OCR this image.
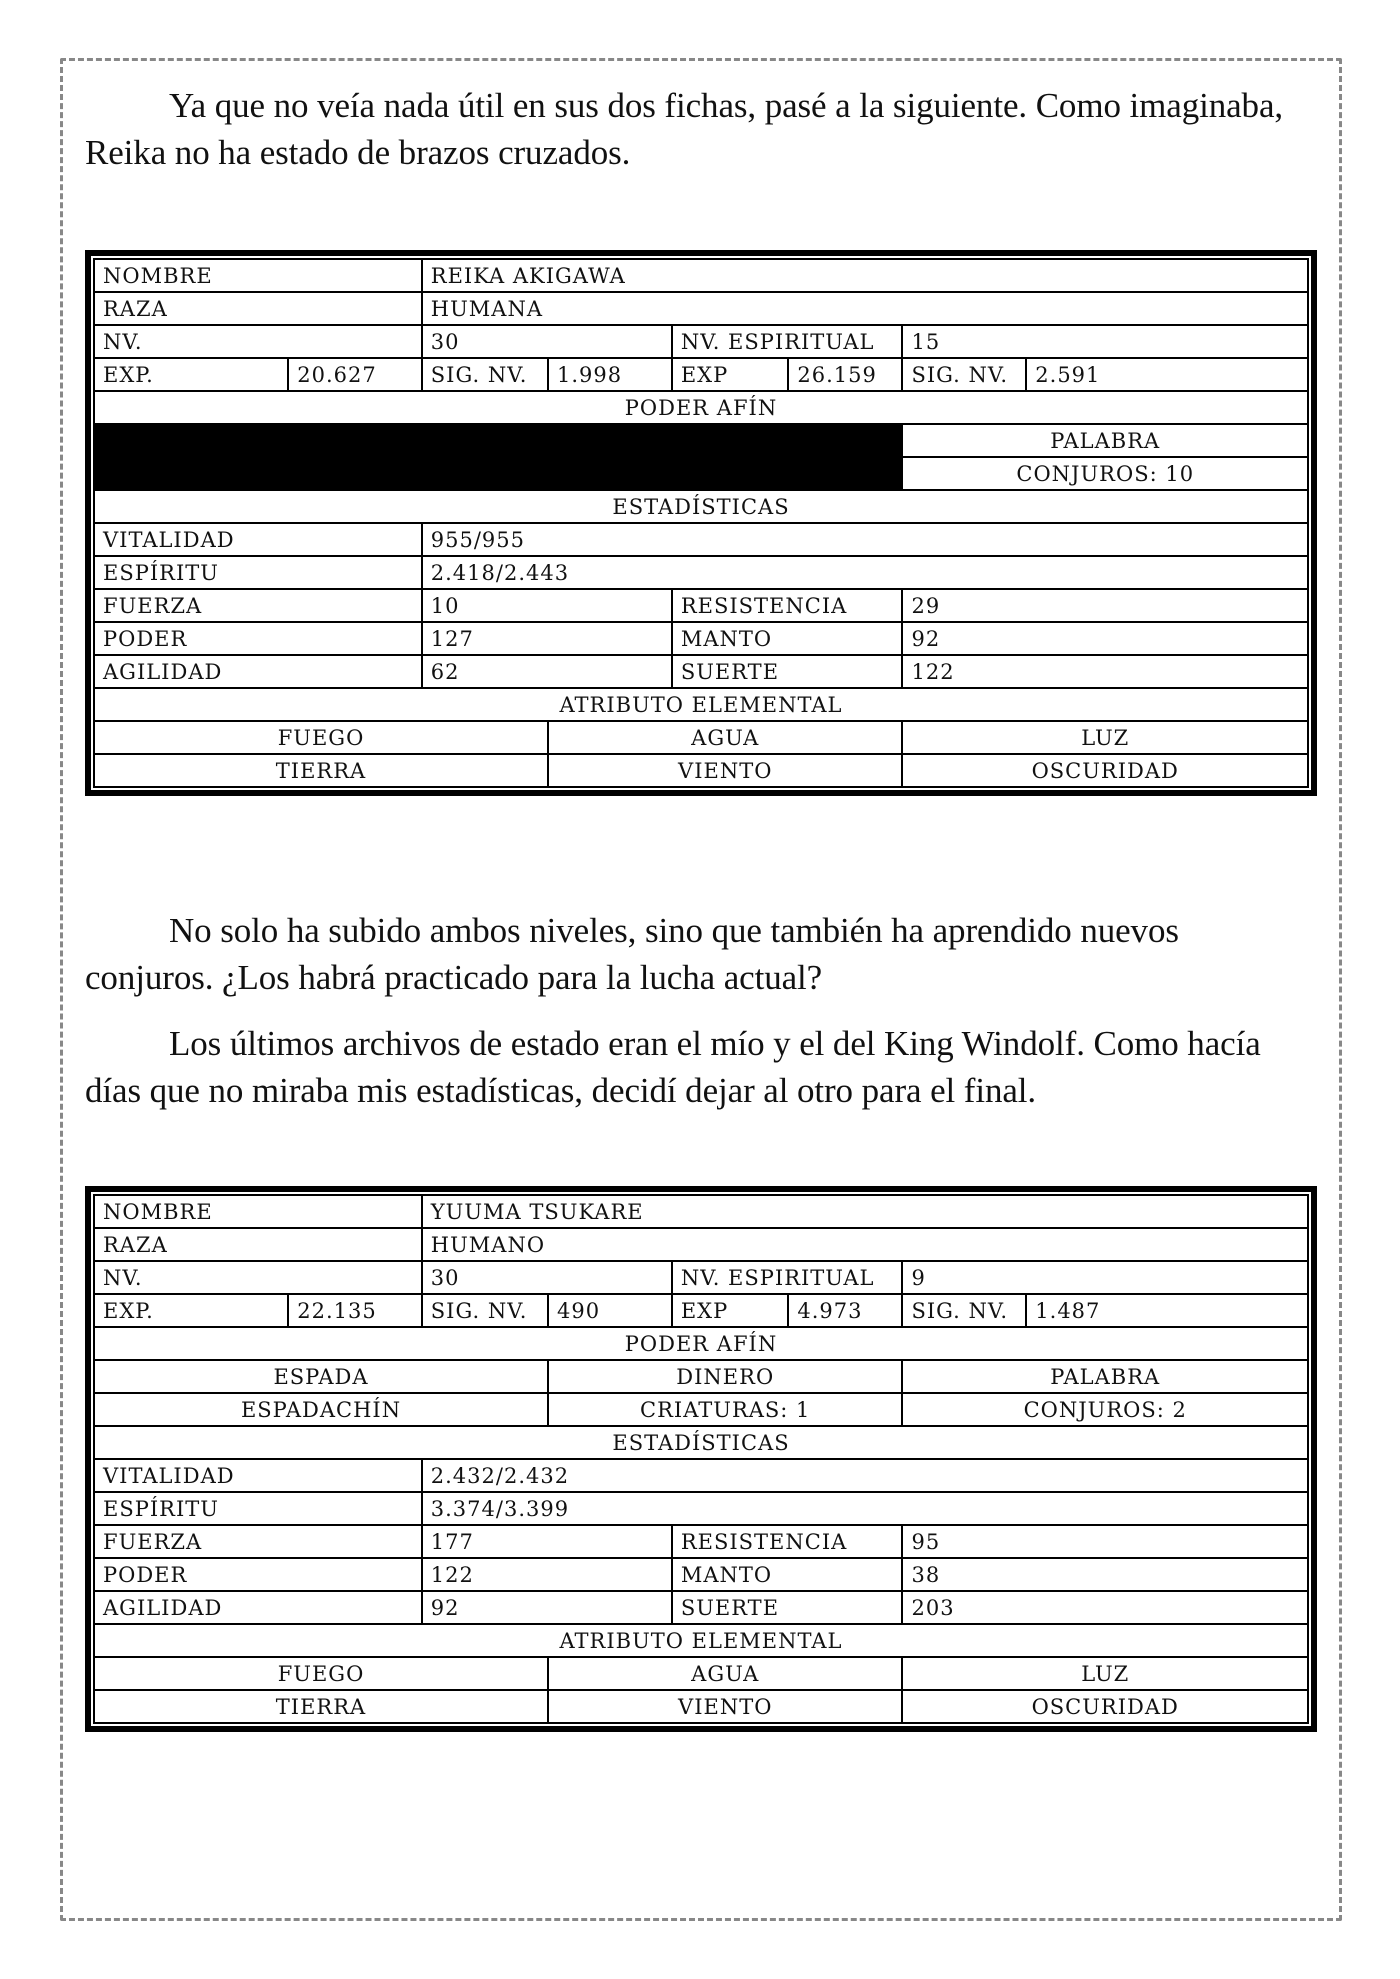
Ya que no veía nada útil en sus dos fichas, pasé a la siguiente. Como imaginaba, Reika no ha estado de brazos cruzados.

No solo ha subido ambos niveles, sino que también ha aprendido nuevos conjuros. ¿Los habrá practicado para la lucha actual?

Los últimos archivos de estado eran el mío y el del King Windolf. Como hacía días que no miraba mis estadísticas, decidí dejar al otro para el final.

NOMBRE		REIKA AKIGAWA					
RAZA		HUMANA					
NV.		30		NV. ESPIRITUAL		15	
EXP.	20.627	SIG. NV.	1.998	EXP	26.159	SIG. NV.	2.591
PODER AFÍN							
						PALABRA	
						CONJUROS: 10	
ESTADÍSTICAS							
VITALIDAD		955/955					
ESPÍRITU		2.418/2.443					
FUERZA		10		RESISTENCIA		29	
PODER		127		MANTO		92	
AGILIDAD		62		SUERTE		122	
ATRIBUTO ELEMENTAL							
FUEGO			AGUA			LUZ	
TIERRA			VIENTO			OSCURIDAD	
NOMBRE		YUUMA TSUKARE					
RAZA		HUMANO					
NV.		30		NV. ESPIRITUAL		9	
EXP.	22.135	SIG. NV.	490	EXP	4.973	SIG. NV.	1.487
PODER AFÍN							
ESPADA			DINERO			PALABRA	
ESPADACHÍN			CRIATURAS: 1			CONJUROS: 2	
ESTADÍSTICAS							
VITALIDAD		2.432/2.432					
ESPÍRITU		3.374/3.399					
FUERZA		177		RESISTENCIA		95	
PODER		122		MANTO		38	
AGILIDAD		92		SUERTE		203	
ATRIBUTO ELEMENTAL							
FUEGO			AGUA			LUZ	
TIERRA			VIENTO			OSCURIDAD	
